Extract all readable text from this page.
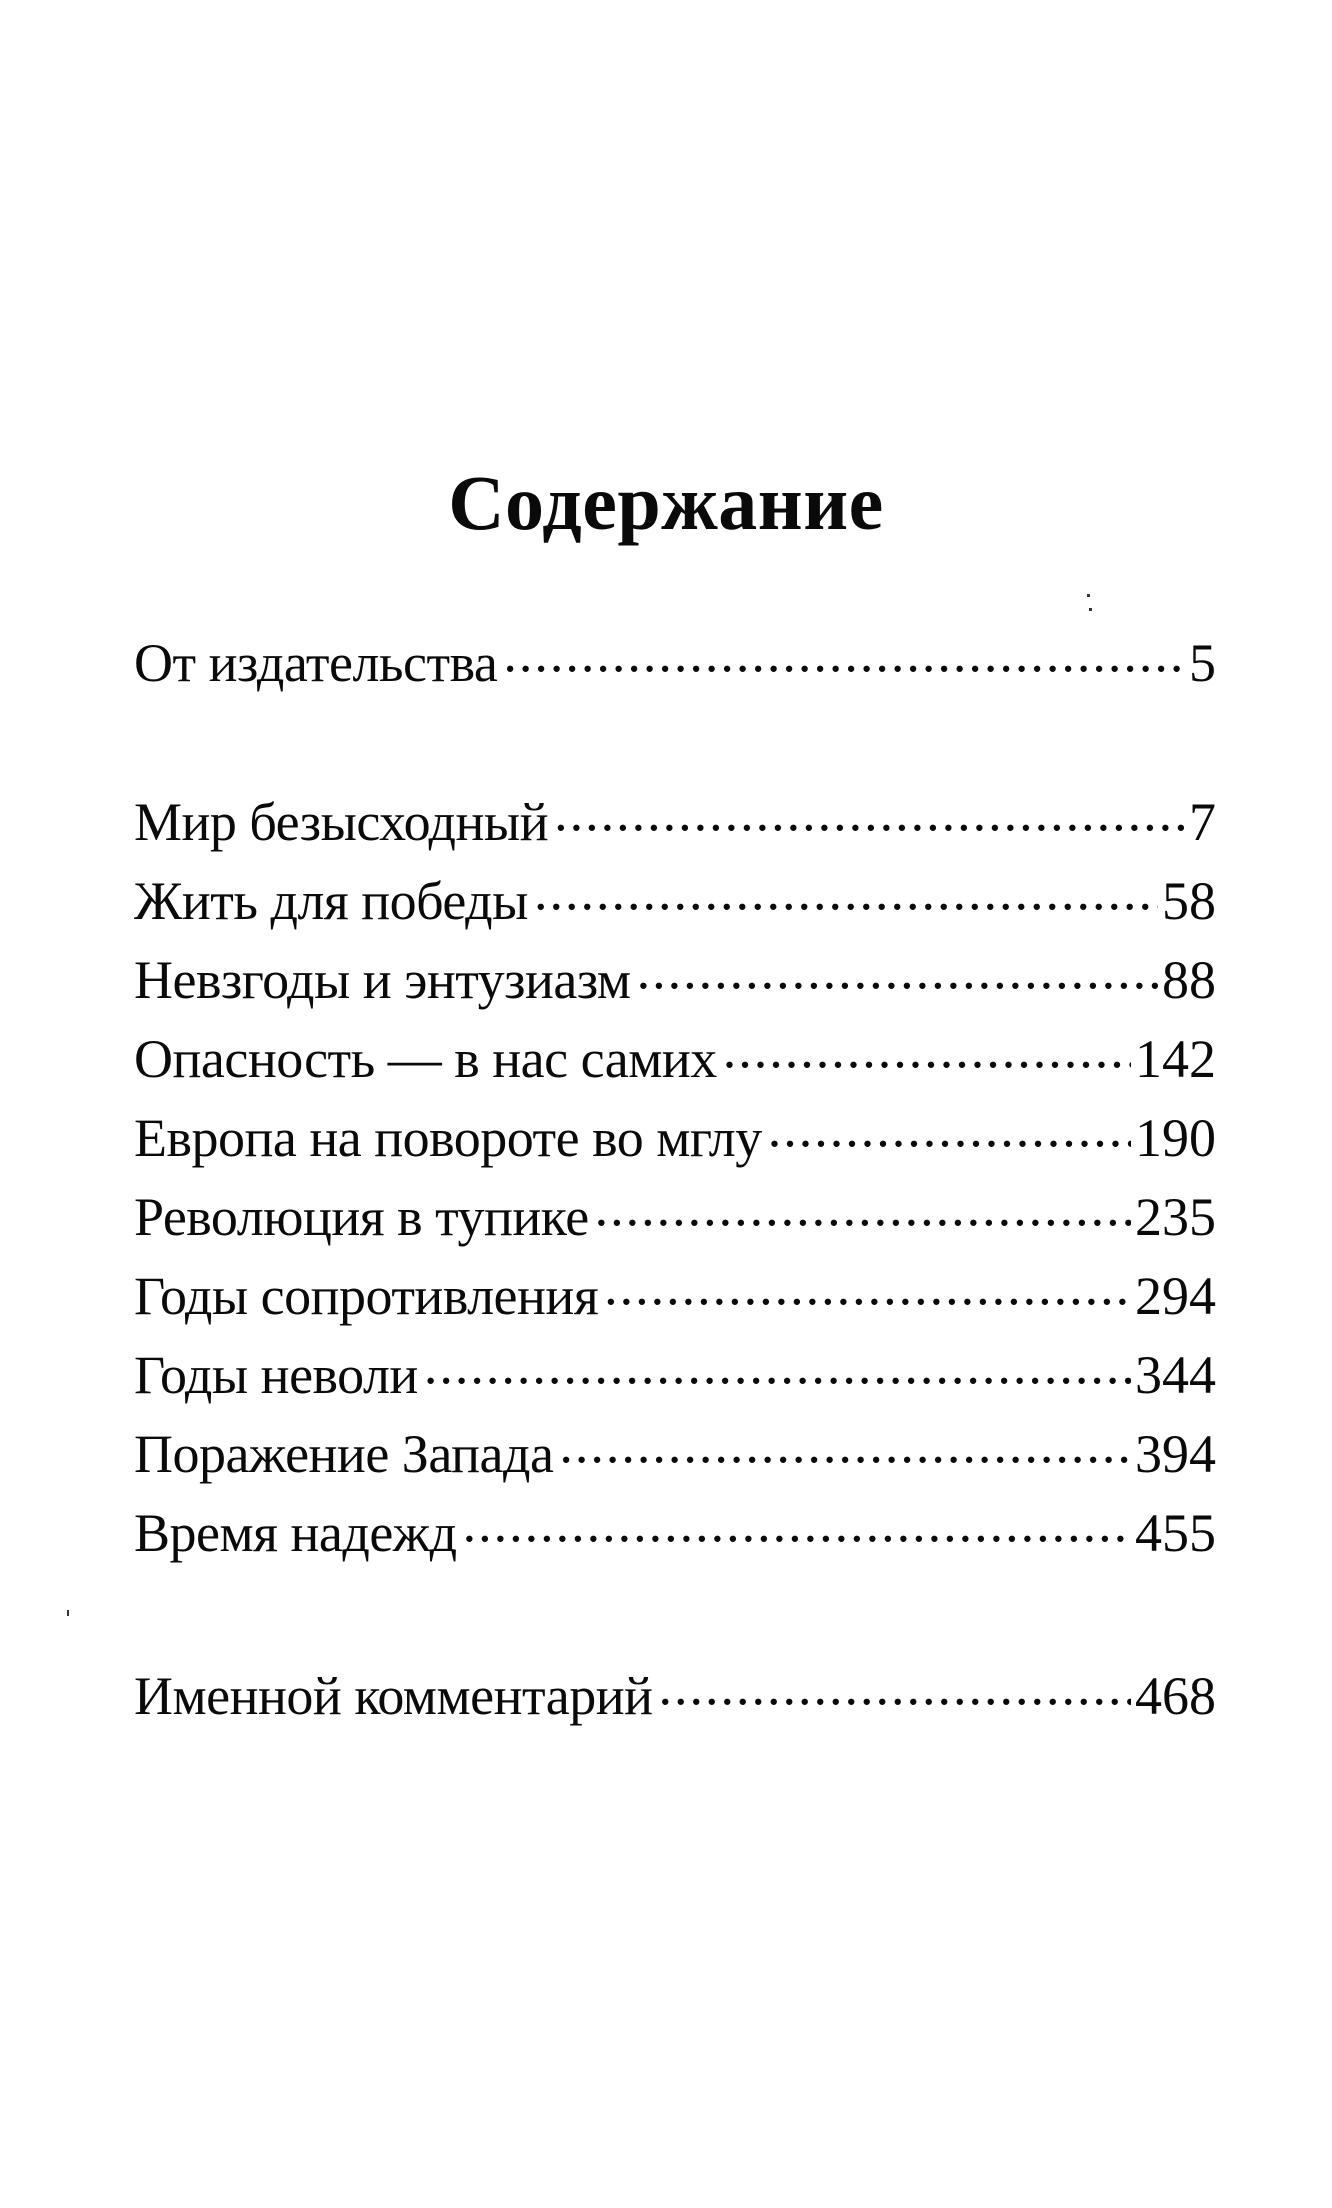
Содержание
От издательства .....	5
Мир безысходный .....	7
Жить для победы .....	58
Невзгоды и энтузиазм .....	88
Опасность — в нас самих .....	142
Европа на повороте во мглу .....	190
Революция в тупике .....	235
Годы сопротивления .....	294
Годы неволи .....	344
Поражение Запада .....	394
Время надежд .....	455
Именной комментарий .....	468
